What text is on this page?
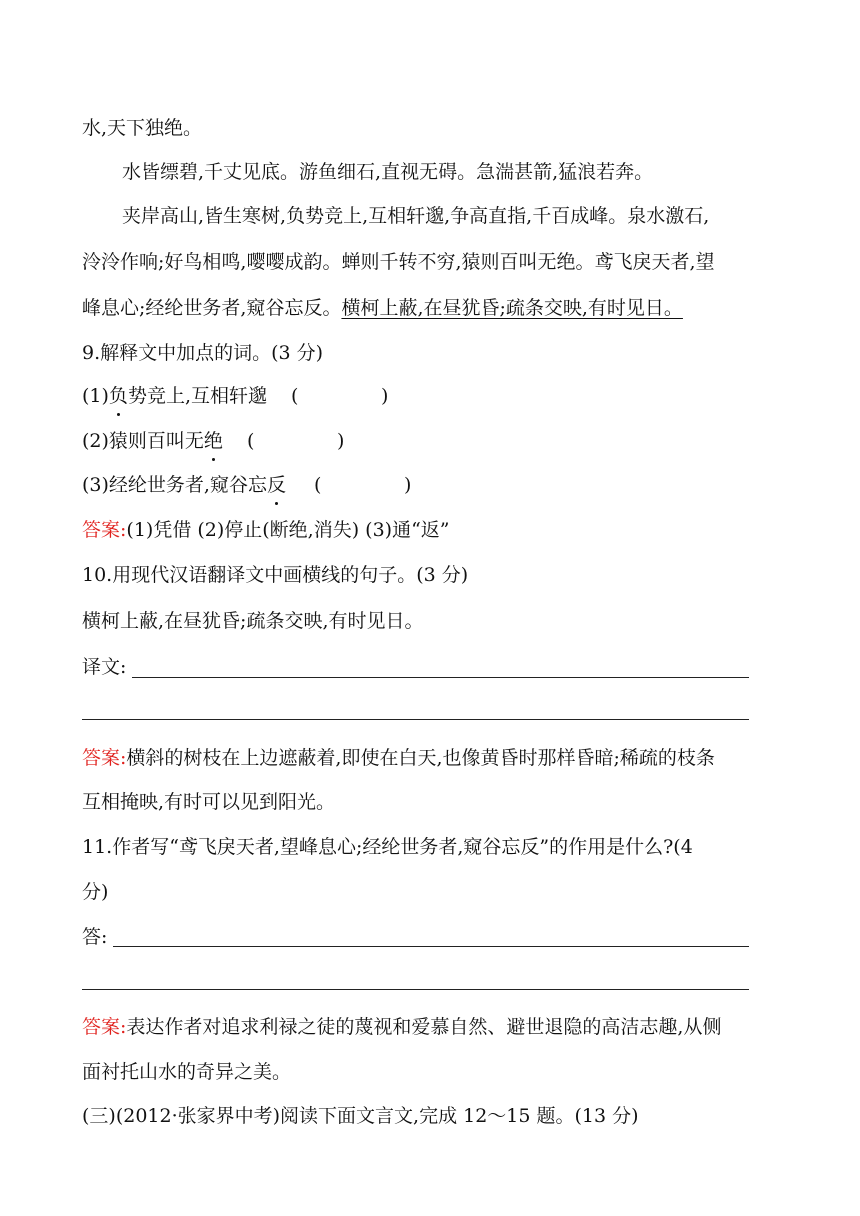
水,天下独绝。
水皆缥碧,千丈见底。游鱼细石,直视无碍。急湍甚箭,猛浪若奔。
夹岸高山,皆生寒树,负势竞上,互相轩邈,争高直指,千百成峰。泉水激石,
泠泠作响;好鸟相鸣,嘤嘤成韵。蝉则千转不穷,猿则百叫无绝。鸢飞戾天者,望
峰息心;经纶世务者,窥谷忘反。横柯上蔽,在昼犹昏;疏条交映,有时见日。
9.解释文中加点的词。(3 分)
(1)负势竞上,互相轩邈 (	)
(2)猿则百叫无绝 (	)
(3)经纶世务者,窥谷忘反 (	)
答案:(1)凭借 (2)停止(断绝,消失) (3)通“返”
10.用现代汉语翻译文中画横线的句子。(3 分)
横柯上蔽,在昼犹昏;疏条交映,有时见日。
译文:
答案:横斜的树枝在上边遮蔽着,即使在白天,也像黄昏时那样昏暗;稀疏的枝条
互相掩映,有时可以见到阳光。
11.作者写“鸢飞戾天者,望峰息心;经纶世务者,窥谷忘反”的作用是什么?(4
分)
答:
答案:表达作者对追求利禄之徒的蔑视和爱慕自然、避世退隐的高洁志趣,从侧
面衬托山水的奇异之美。
(三)(2012·张家界中考)阅读下面文言文,完成 12～15 题。(13 分)
